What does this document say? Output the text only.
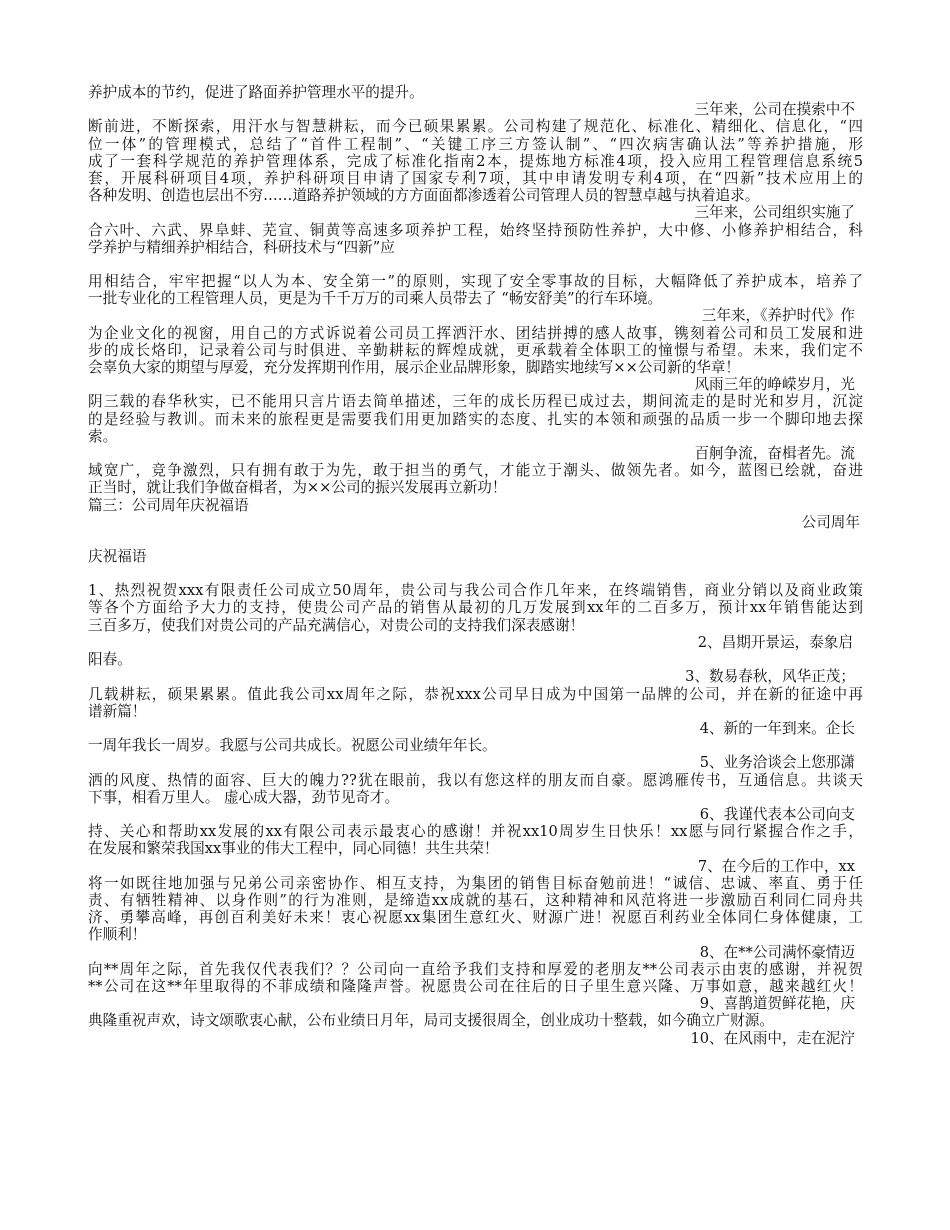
养护成本的节约，促进了路面养护管理水平的提升。

三年来，公司在摸索中不

断前进，不断探索，用汗水与智慧耕耘，而今已硕果累累。公司构建了规范化、标准化、精细化、信息化，“四

位一体”的管理模式，总结了“首件工程制”、“关键工序三方签认制”、“四次病害确认法”等养护措施，形

成了一套科学规范的养护管理体系，完成了标准化指南2本，提炼地方标准4项，投入应用工程管理信息系统5

套，开展科研项目4项，养护科研项目申请了国家专利7项，其中申请发明专利4项，在“四新”技术应用上的

各种发明、创造也层出不穷……道路养护领域的方方面面都渗透着公司管理人员的智慧卓越与执着追求。

三年来，公司组织实施了

合六叶、六武、界阜蚌、芜宣、铜黄等高速多项养护工程，始终坚持预防性养护，大中修、小修养护相结合，科

学养护与精细养护相结合，科研技术与“四新”应

用相结合，牢牢把握“以人为本、安全第一”的原则，实现了安全零事故的目标，大幅降低了养护成本，培养了

一批专业化的工程管理人员，更是为千千万万的司乘人员带去了 “畅安舒美”的行车环境。

三年来，《养护时代》作

为企业文化的视窗，用自己的方式诉说着公司员工挥洒汗水、团结拼搏的感人故事，镌刻着公司和员工发展和进

步的成长烙印，记录着公司与时俱进、辛勤耕耘的辉煌成就，更承载着全体职工的憧憬与希望。未来，我们定不

会辜负大家的期望与厚爱，充分发挥期刊作用，展示企业品牌形象，脚踏实地续写××公司新的华章！

风雨三年的峥嵘岁月，光

阴三载的春华秋实，已不能用只言片语去简单描述，三年的成长历程已成过去，期间流走的是时光和岁月，沉淀

的是经验与教训。而未来的旅程更是需要我们用更加踏实的态度、扎实的本领和顽强的品质一步一个脚印地去探

索。

百舸争流，奋楫者先。流

域宽广，竞争激烈，只有拥有敢于为先，敢于担当的勇气，才能立于潮头、做领先者。如今，蓝图已绘就，奋进

正当时，就让我们争做奋楫者，为××公司的振兴发展再立新功！

篇三：公司周年庆祝福语

公司周年

庆祝福语

1、热烈祝贺xxx有限责任公司成立50周年，贵公司与我公司合作几年来，在终端销售，商业分销以及商业政策

等各个方面给予大力的支持，使贵公司产品的销售从最初的几万发展到xx年的二百多万，预计xx年销售能达到

三百多万，使我们对贵公司的产品充满信心，对贵公司的支持我们深表感谢！

2、昌期开景运，泰象启

阳春。

3、数易春秋，风华正茂；

几载耕耘，硕果累累。值此我公司xx周年之际，恭祝xxx公司早日成为中国第一品牌的公司，并在新的征途中再

谱新篇！

4、新的一年到来。企长

一周年我长一周岁。我愿与公司共成长。祝愿公司业绩年年长。

5、业务洽谈会上您那潇

洒的风度、热情的面容、巨大的魄力??犹在眼前，我以有您这样的朋友而自豪。愿鸿雁传书，互通信息。共谈天

下事，相看万里人。 虚心成大器，劲节见奇才。

6、我谨代表本公司向支

持、关心和帮助xx发展的xx有限公司表示最衷心的感谢！并祝xx10周岁生日快乐！xx愿与同行紧握合作之手，

在发展和繁荣我国xx事业的伟大工程中，同心同德！共生共荣！

7、在今后的工作中，xx

将一如既往地加强与兄弟公司亲密协作、相互支持，为集团的销售目标奋勉前进！“诚信、忠诚、率直、勇于任

责、有牺牲精神、以身作则”的行为准则，是缔造xx成就的基石，这种精神和风范将进一步激励百利同仁同舟共

济、勇攀高峰，再创百利美好未来！衷心祝愿xx集团生意红火、财源广进！祝愿百利药业全体同仁身体健康，工

作顺利！

8、在**公司满怀豪情迈

向**周年之际，首先我仅代表我们？？公司向一直给予我们支持和厚爱的老朋友**公司表示由衷的感谢，并祝贺

**公司在这**年里取得的不菲成绩和隆隆声誉。祝愿贵公司在往后的日子里生意兴隆、万事如意，越来越红火！

9、喜鹊道贺鲜花艳，庆

典隆重祝声欢，诗文颂歌衷心献，公布业绩日月年，局司支援很周全，创业成功十整载，如今确立广财源。

10、在风雨中，走在泥泞
